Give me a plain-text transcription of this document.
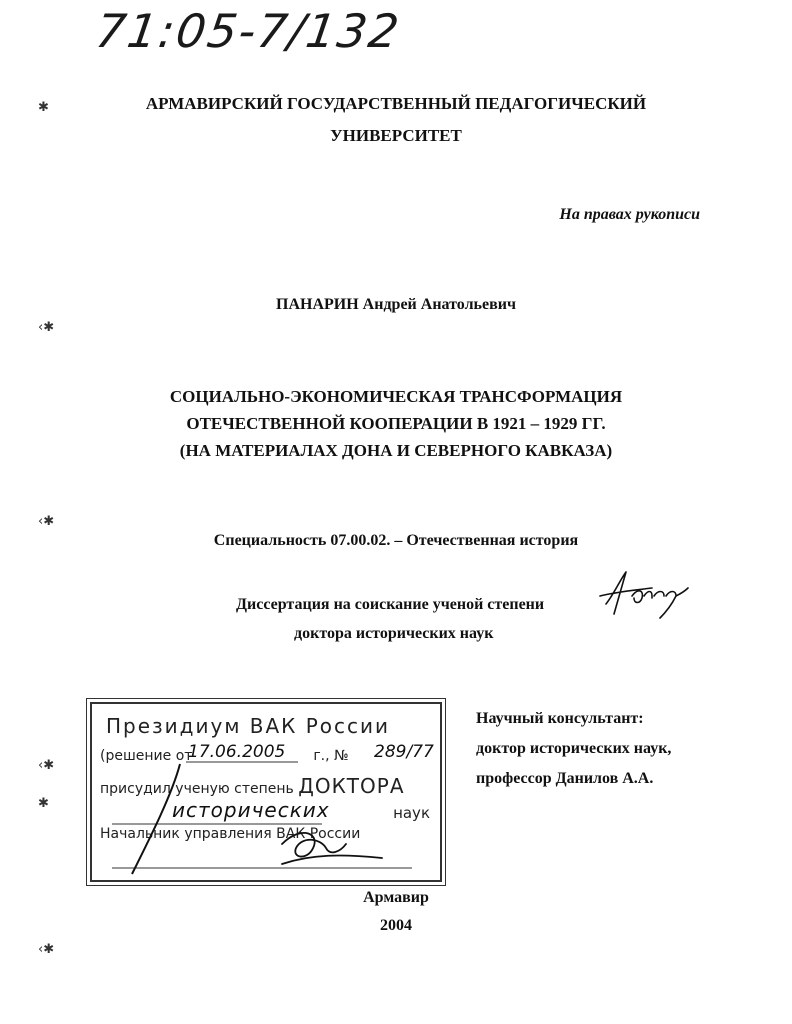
71:05-7/132
АРМАВИРСКИЙ ГОСУДАРСТВЕННЫЙ ПЕДАГОГИЧЕСКИЙ
УНИВЕРСИТЕТ
На правах рукописи
ПАНАРИН Андрей Анатольевич
СОЦИАЛЬНО-ЭКОНОМИЧЕСКАЯ ТРАНСФОРМАЦИЯ
ОТЕЧЕСТВЕННОЙ КООПЕРАЦИИ В 1921 – 1929 ГГ.
(НА МАТЕРИАЛАХ ДОНА И СЕВЕРНОГО КАВКАЗА)
Специальность 07.00.02. – Отечественная история
Диссертация на соискание ученой степени
доктора исторических наук
Президиум ВАК России
(решение от	г., №
17.06.2005	289/77
присудил ученую степень ДОКТОРА
исторических	наук
Начальник управления ВАК России
Научный консультант:
доктор исторических наук,
профессор Данилов А.А.
Армавир
2004
✱
‹✱
‹✱
‹✱
✱
‹✱
